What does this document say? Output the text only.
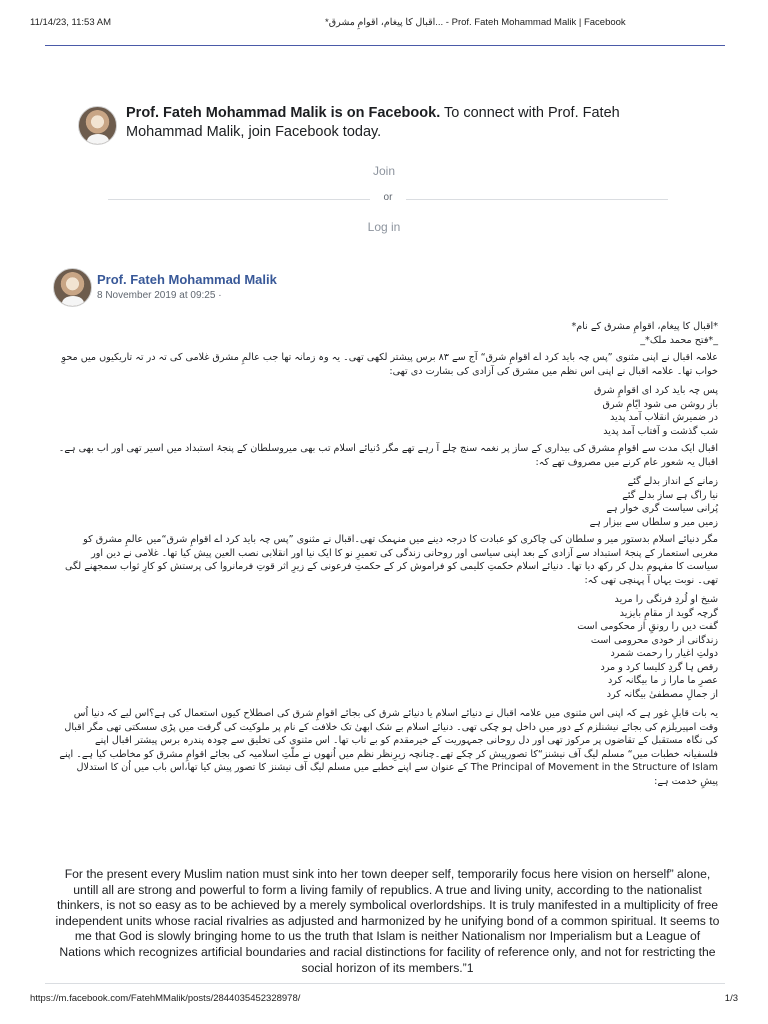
11/14/23, 11:53 AM	*اقبال کا پیغام، اقوامِ مشرق... - Prof. Fateh Mohammad Malik | Facebook
Prof. Fateh Mohammad Malik is on Facebook. To connect with Prof. Fateh Mohammad Malik, join Facebook today.
Join
or
Log in
Prof. Fateh Mohammad Malik
8 November 2019 at 09:25 ·

*اقبال کا پیغام، اقوامِ مشرق کے نام*

_*فتح محمد ملک*_

علامہ اقبال نے اپنی مثنوی ”پس چہ باید کرد اے اقوامِ شرق“ آج سے ۸۳ برس پیشتر لکھی تھی۔ یہ وہ زمانہ تھا جب عالمِ مشرق غلامی کی تہ در تہ تاریکیوں میں محوِ خواب تھا۔ علامہ اقبال نے اپنی اس نظم میں مشرق کی آزادی کی بشارت دی تھی:

پس چہ باید کرد ای اقوامِ شرق

باز روشن می شود ایّامِ شرق

در ضمیرش انقلاب آمد پدید

شب گذشت و آفتاب آمد پدید

اقبال ایک مدت سے اقوامِ مشرق کی بیداری کے ساز پر نغمہ سنج چلے آ رہے تھے مگر دُنیائے اسلام تب بھی میروسلطان کے پنجۂ استبداد میں اسیر تھی اور اب بھی ہے۔ اقبال یہ شعور عام کرنے میں مصروف تھے کہ:

زمانے کے انداز بدلے گئے

نیا راگ ہے ساز بدلے گئے

پُرانی سیاست گری خوار ہے

زمیں میر و سلطاں سے بیزار ہے

مگر دنیائے اسلام بدستور میر و سلطان کی چاکری کو عبادت کا درجہ دینے میں منہمک تھی۔اقبال نے مثنوی ”پس چہ باید کرد اے اقوامِ شرق“میں عالمِ مشرق کو مغربی استعمار کے پنجۂ استبداد سے آزادی کے بعد اپنی سیاسی اور روحانی زندگی کی تعمیرِ نو کا ایک نیا اور انقلابی نصب العین پیش کیا تھا۔ غلامی نے دین اور سیاست کا مفہوم بدل کر رکھ دیا تھا۔ دنیائے اسلام حکمتِ کلیمی کو فراموش کر کے حکمتِ فرعونی کے زیرِ اثر قوتِ فرمانروا کی پرستش کو کارِ ثواب سمجھنے لگی تھی۔ نوبت یہاں آ پہنچی تھی کہ:

شیخ او لُردِ فرنگی را مرید

گرچہ گوید از مقامِ بایزید

گفت دیں را رونقِ از محکومی است

زندگانی از خودی محرومی است

دولتِ اغیار را رحمت شمرد

رقص ہا گردِ کلیسا کرد و مرد

عصرِ ما مارا ز ما بیگانہ کرد

از جمالِ مصطفیٰ بیگانہ کرد

یہ بات قابلِ غور ہے کہ اپنی اس مثنوی میں علامہ اقبال نے دنیائے اسلام یا دنیائے شرق کی بجائے اقوامِ شرق کی اصطلاح کیوں استعمال کی ہے؟اس لیے کہ دنیا اُس وقت امپیریلزم کی بجائے نیشنلزم کے دور میں داخل ہو چکی تھی۔ دنیائے اسلام بے شک ابھیٰ تک خلافت کے نام پر ملوکیت کی گرفت میں پڑی سسکتی تھی مگر اقبال کی نگاہ مستقبل کے تقاضوں پر مرکوز تھی اور دل روحانی جمہوریت کے خیرمقدم کو بے تاب تھا۔ اس مثنوی کی تخلیق سے چودہ پندرہ برس پیشتر اقبال اپنے فلسفیانہ خطبات میں“ مسلم لیگ آف نیشنز“کا تصورپیش کر چکے تھے۔چنانچہ زیرِنظر نظم میں اُنھوں نے ملّتِ اسلامیہ کی بجائے اقوامِ مشرق کو مخاطب کیا ہے۔ اپنے The Principal of Movement in the Structure of Islam کے عنوان سے اپنے خطبے میں مسلم لیگ آف نیشنز کا تصور پیش کیا تھا،اس باب میں اُن کا استدلال پیشِ خدمت ہے:

For the present every Muslim nation must sink into her town deeper self, temporarily focus here vision on herself” alone, untill all are strong and powerful to form a living family of republics. A true and living unity, according to the nationalist thinkers, is not so easy as to be achieved by a merely symbolical overlordships. It is truly manifested in a multiplicity of free independent units whose racial rivalries as adjusted and harmonized by he unifying bond of a common spiritual. It seems to me that God is slowly bringing home to us the truth that Islam is neither Nationalism nor Imperialism but a League of Nations which recognizes artificial boundaries and racial distinctions for facility of reference only, and not for restricting the social horizon of its members.”1
https://m.facebook.com/FatehMMalik/posts/2844035452328978/	1/3
